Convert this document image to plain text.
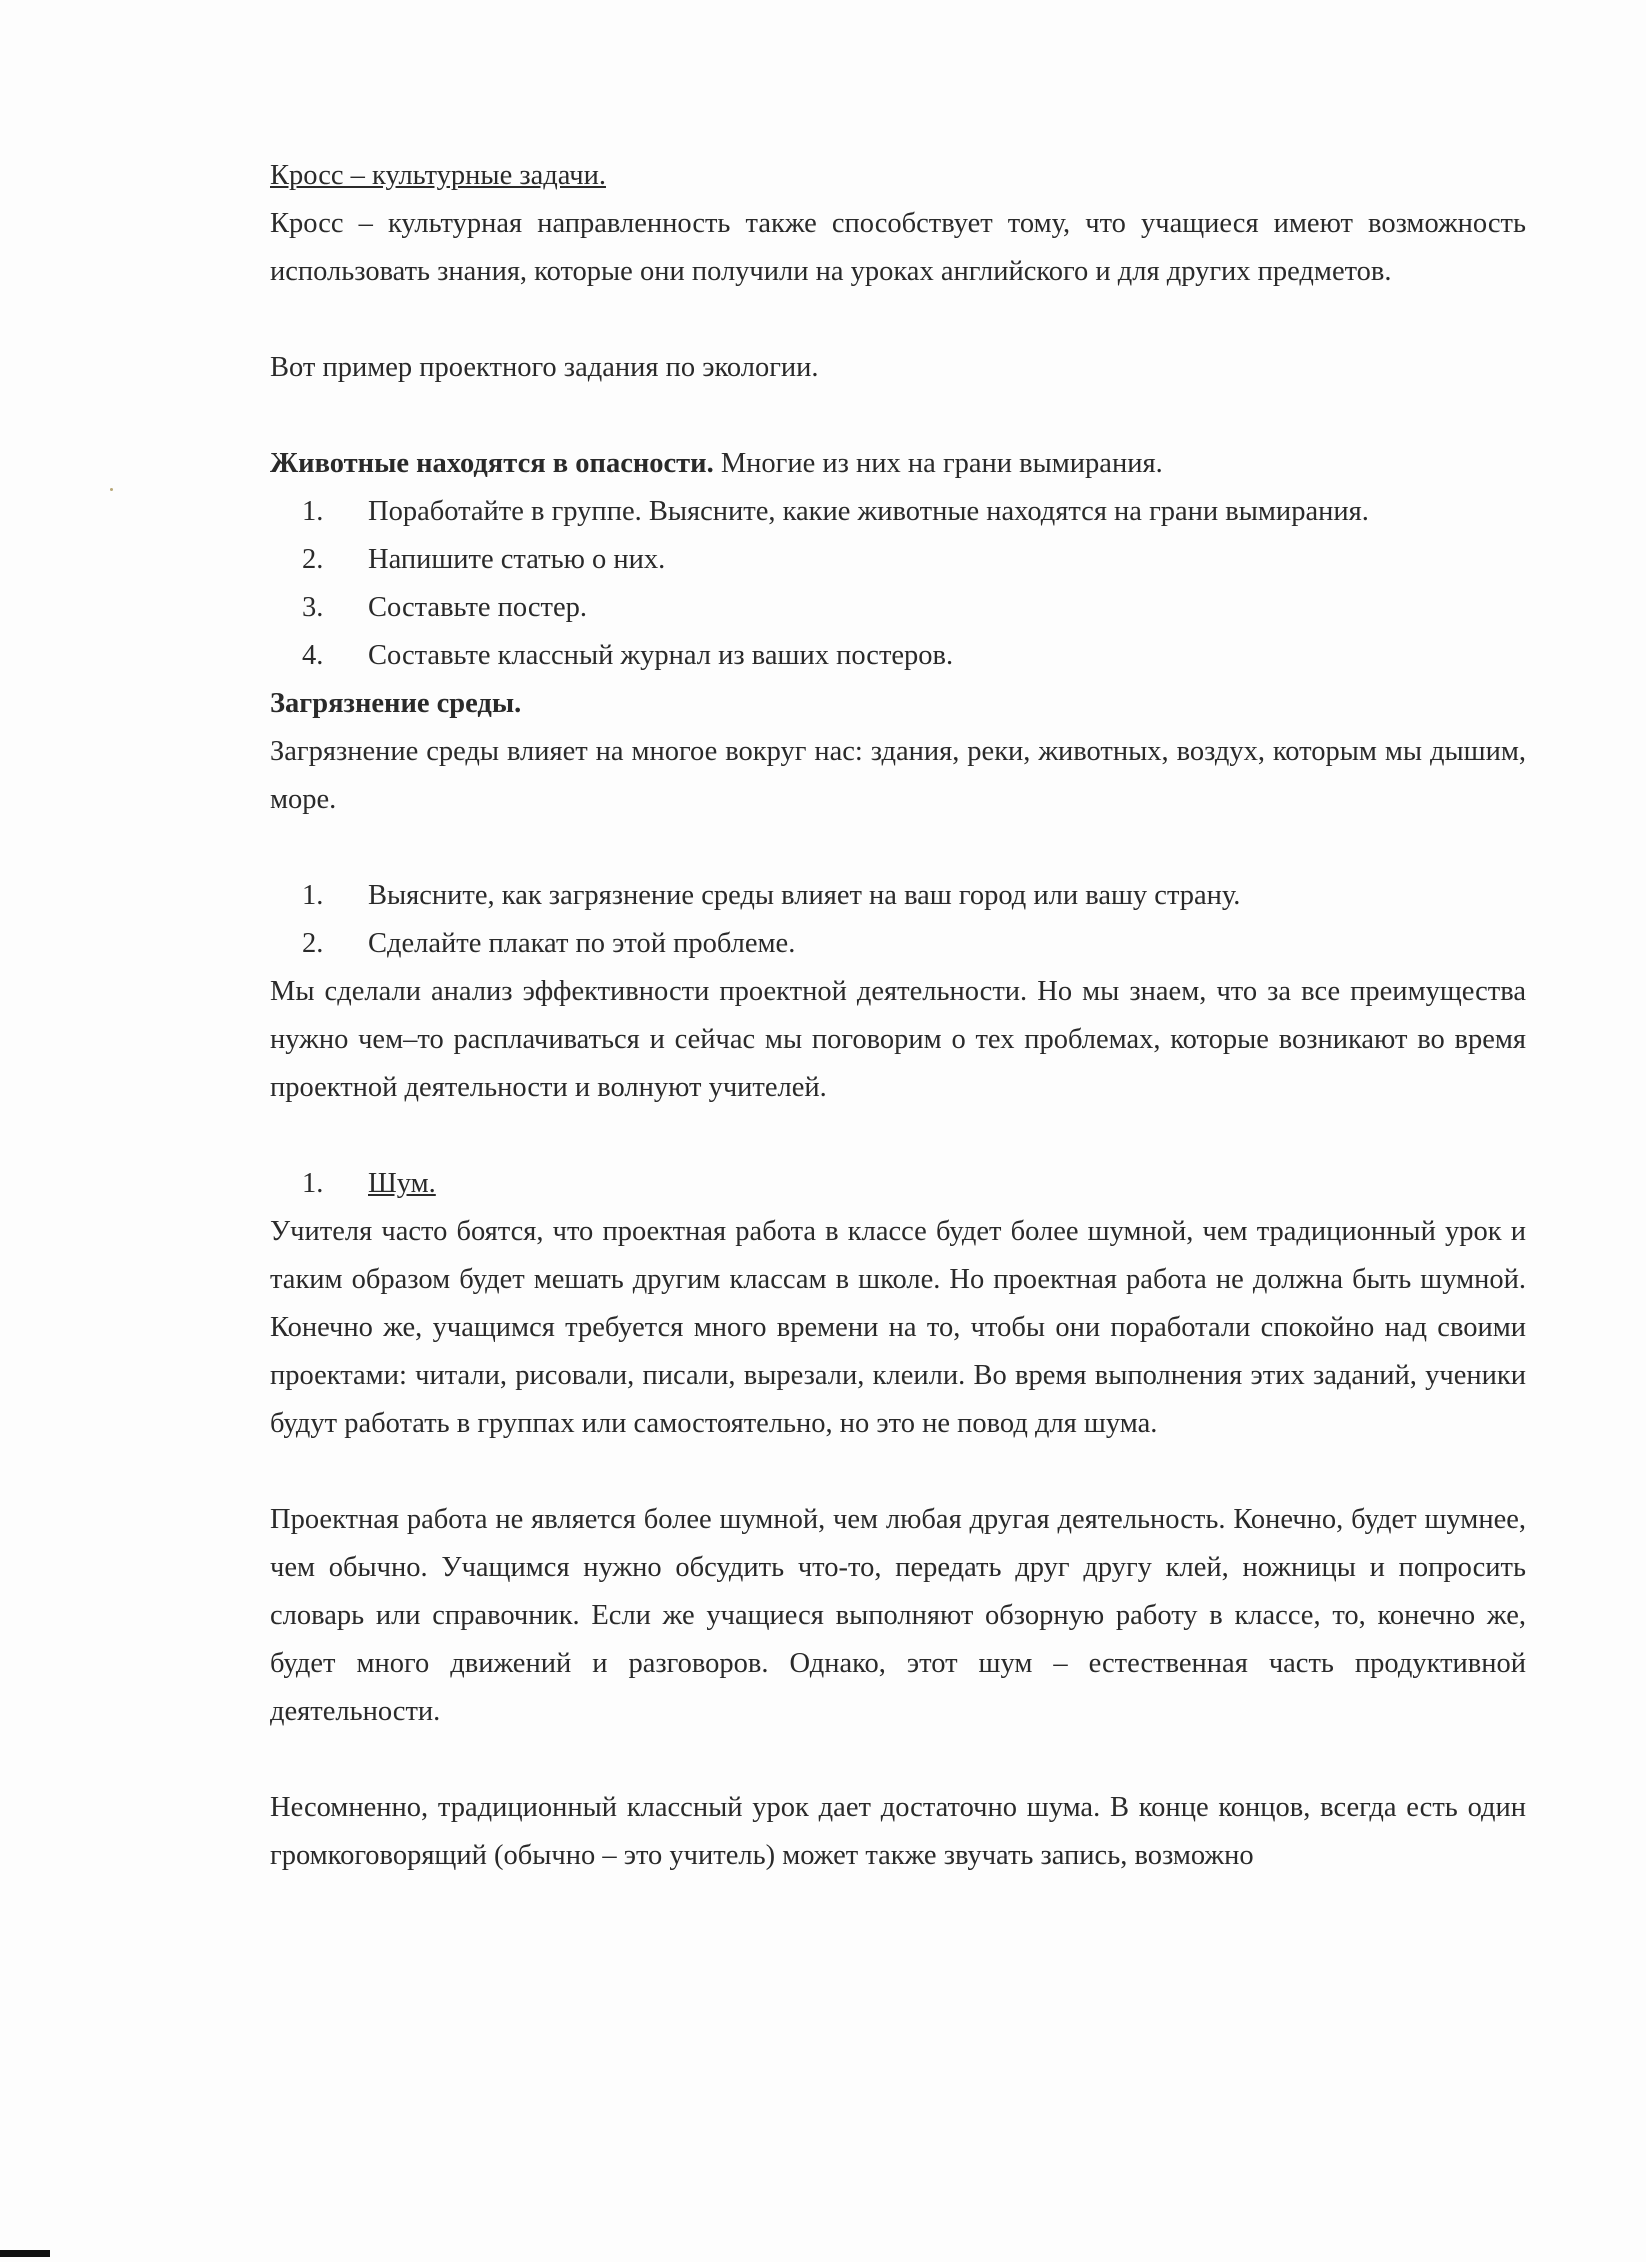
Кросс – культурные задачи.

Кросс – культурная направленность также способствует тому, что учащиеся имеют возможность использовать знания, которые они получили на уроках английского и для других предметов.

Вот пример проектного задания по экологии.

Животные находятся в опасности. Многие из них на грани вымирания.

1.	Поработайте в группе. Выясните, какие животные находятся на грани вымирания.
2.	Напишите статью о них.
3.	Составьте постер.
4.	Составьте классный журнал из ваших постеров.

Загрязнение среды.

Загрязнение среды влияет на многое вокруг нас: здания, реки, животных, воздух, которым мы дышим, море.

1.	Выясните, как загрязнение среды влияет на ваш город или вашу страну.
2.	Сделайте плакат по этой проблеме.

Мы сделали анализ эффективности проектной деятельности. Но мы знаем, что за все преимущества нужно чем–то расплачиваться и сейчас мы поговорим о тех проблемах, которые возникают во время проектной деятельности и волнуют учителей.

1.	Шум.

Учителя часто боятся, что проектная работа в классе будет более шумной, чем традиционный урок и таким образом будет мешать другим классам в школе. Но проектная работа не должна быть шумной. Конечно же, учащимся требуется много времени на то, чтобы они поработали спокойно над своими проектами: читали, рисовали, писали, вырезали, клеили. Во время выполнения этих заданий, ученики будут работать в группах или самостоятельно, но это не повод для шума.

Проектная работа не является более шумной, чем любая другая деятельность. Конечно, будет шумнее, чем обычно. Учащимся нужно обсудить что-то, передать друг другу клей, ножницы и попросить словарь или справочник. Если же учащиеся выполняют обзорную работу в классе, то, конечно же, будет много движений и разговоров. Однако, этот шум – естественная часть продуктивной деятельности.

Несомненно, традиционный классный урок дает достаточно шума. В конце концов, всегда есть один громкоговорящий (обычно – это учитель) может также звучать запись, возможно
